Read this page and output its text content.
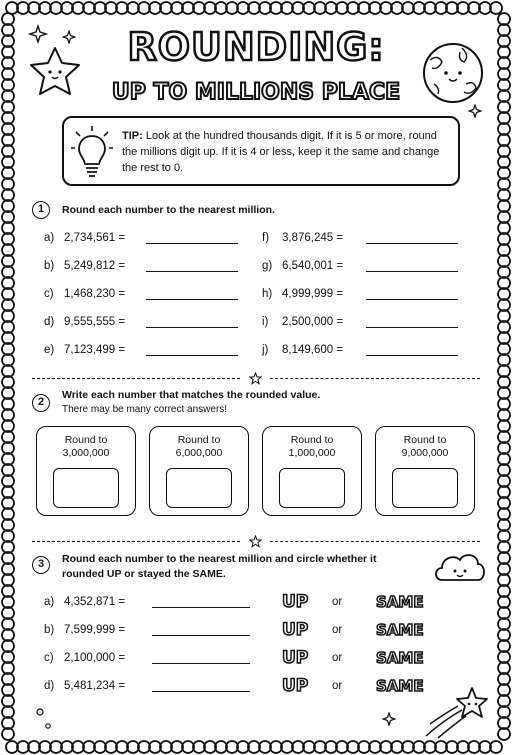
ROUNDING:
UP TO MILLIONS PLACE
TIP: Look at the hundred thousands digit. If it is 5 or more, round the millions digit up. If it is 4 or less, keep it the same and change the rest to 0.
1	Round each number to the nearest million.
a) 2,734,561 =
b) 5,249,812 =
c) 1,468,230 =
d) 9,555,555 =
e) 7,123,499 =
f) 3,876,245 =
g) 6,540,001 =
h) 4,999,999 =
i) 2,500,000 =
j) 8,149,600 =
2
Write each number that matches the rounded value.
There may be many correct answers!
Round to
3,000,000
Round to
6,000,000
Round to
1,000,000
Round to
9,000,000
3	Round each number to the nearest million and circle whether it
rounded UP or stayed the SAME.
a) 4,352,871 =	UP or SAME
b) 7,599,999 =	UP or SAME
c) 2,100,000 =	UP or SAME
d) 5,481,234 =	UP or SAME
